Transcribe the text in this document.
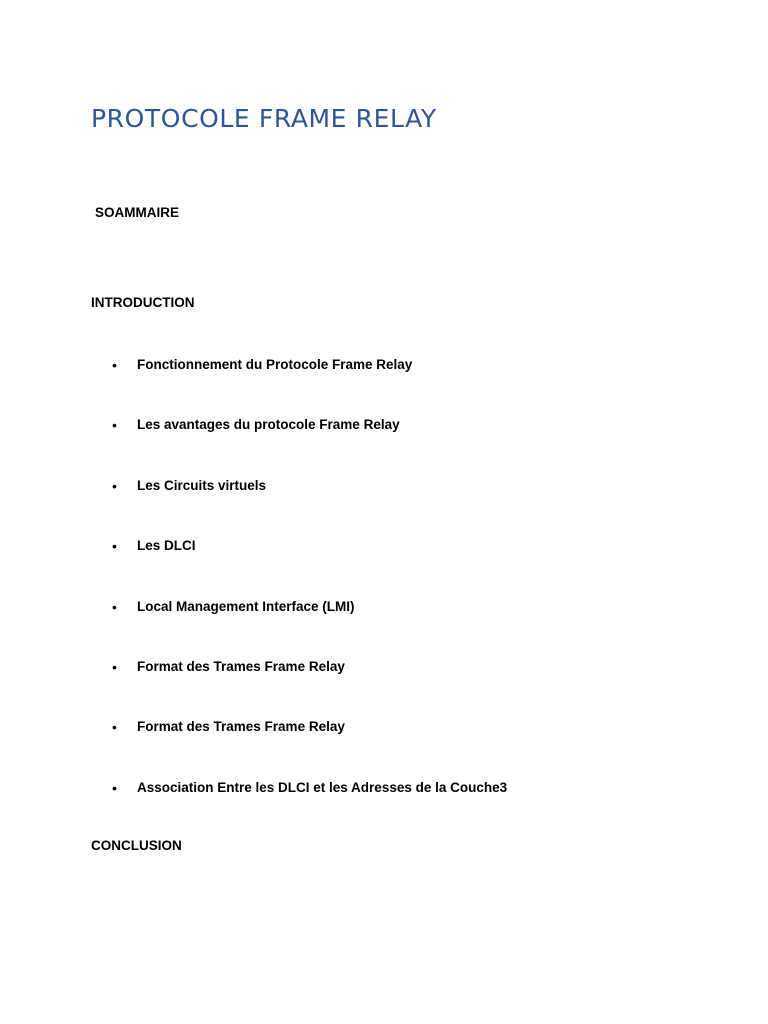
PROTOCOLE FRAME RELAY

SOAMMAIRE

INTRODUCTION

• Fonctionnement du Protocole Frame Relay
• Les avantages du protocole Frame Relay
• Les Circuits virtuels
• Les DLCI
• Local Management Interface (LMI)
• Format des Trames Frame Relay
• Format des Trames Frame Relay
• Association Entre les DLCI et les Adresses de la Couche3

CONCLUSION
